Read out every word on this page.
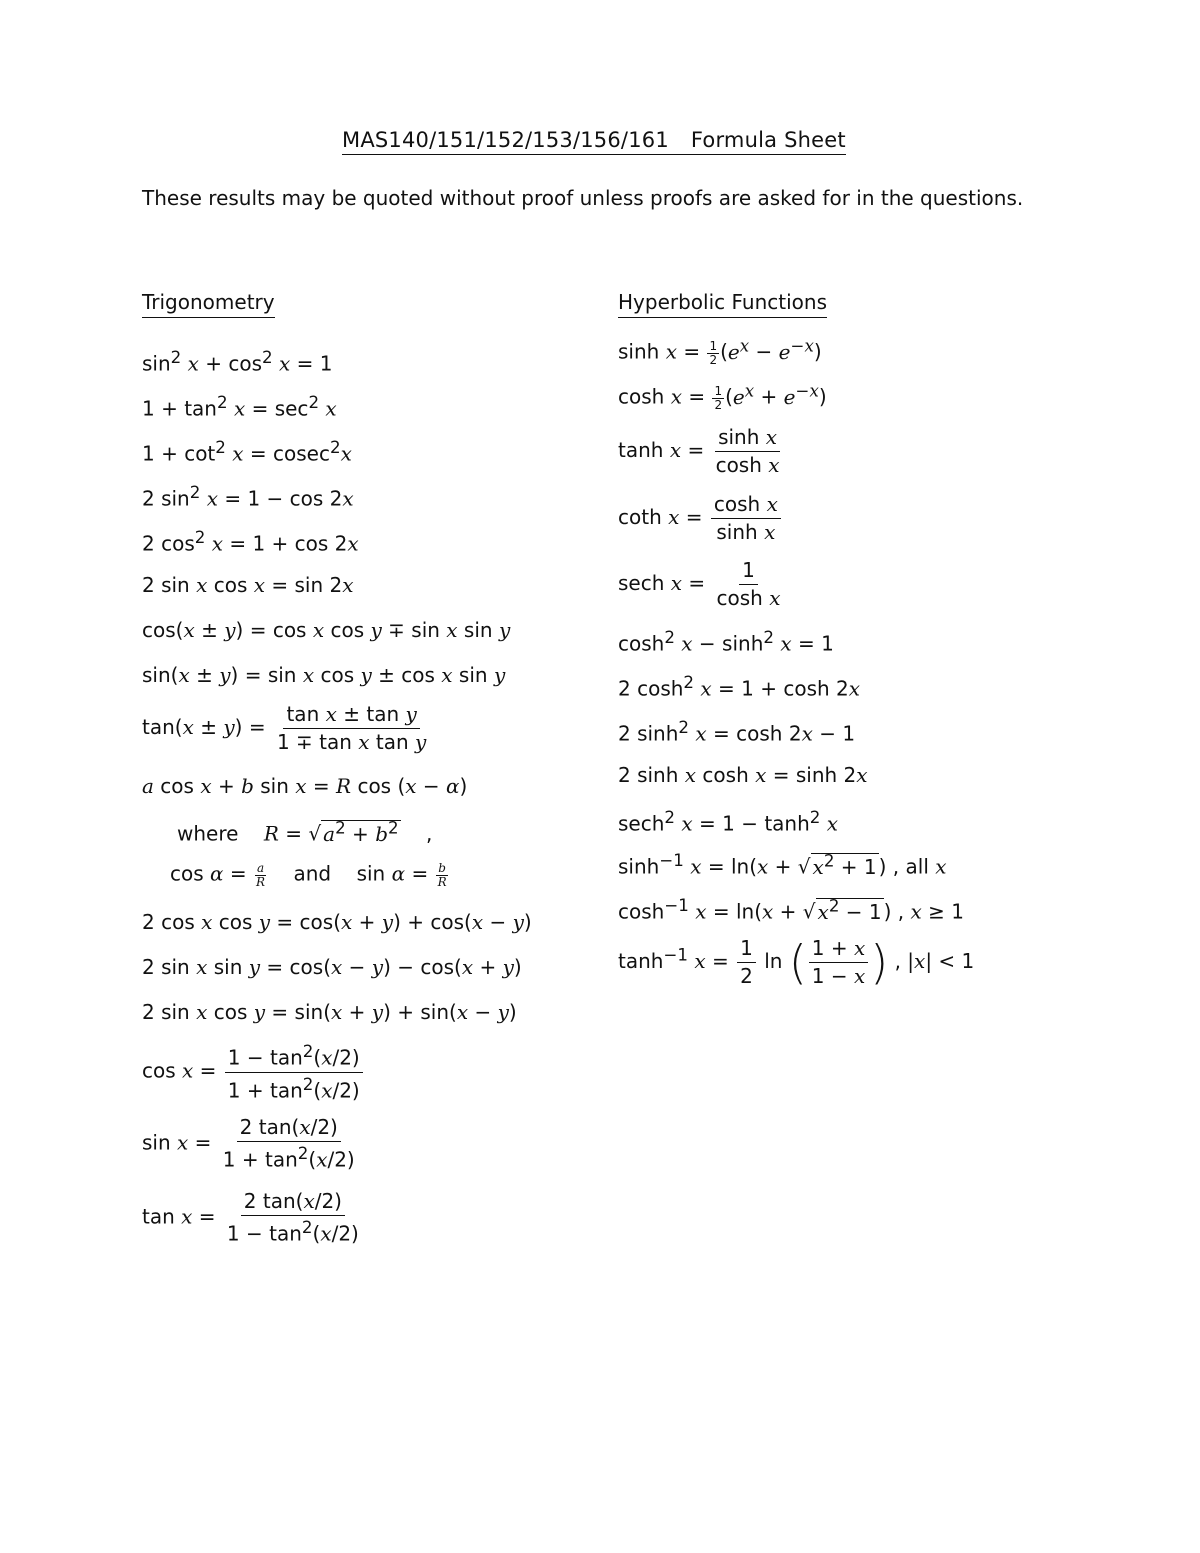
MAS140/151/152/153/156/161 Formula Sheet
These results may be quoted without proof unless proofs are asked for in the questions.
Trigonometry
$\sin^2 x + \cos^2 x = 1$
$1 + \tan^2 x = \sec^2 x$
$1 + \cot^2 x = cosec^2x$
2 $\sin^2 x = 1 - \cos 2x$
2 $\cos^2 x = 1 + \cos 2x$
2 sin x cos x = sin 2x
cos(x ± y) = cos x cos y ∓ sin x sin y
sin(x ± y) = sin x cos y ± cos x sin y
$\tan(x \pm y) = \frac{\text{tan x ± tan y}}{\text{1 ∓ tan x tan y}}$
a cos x + b sin x = R cos (x − α)
where R = √ $a^2 + b^2$ ,
$\cos \alpha = \frac{a}{R}$ and    $\sin \alpha = \frac{b}{R}$
2 cos x cos y = cos(x + y) + cos(x − y)
2 sin x sin y = cos(x − y) − cos(x + y)
2 sin x cos y = sin(x + y) + sin(x − y)
$\cos x = \frac{1 - \tan^2(x/2)}{1 + \tan^2(x/2)}$
$\sin x = \frac{2 \tan(x/2)}{1 + \tan^2(x/2)}$
$\tan x = \frac{2 \tan(x/2)}{1 - \tan^2(x/2)}$
Hyperbolic Functions
$\sinh x = \frac{1}{2} (e^x - e^{-x})$
$\cosh x = \frac{1}{2} (e^x + e^{-x})$
$\tanh x = \frac{\text{sinh x}}{\text{cosh x}}$
coth $x = \frac{\text{cosh x}}{\text{sinh x}}$
sech $x = \frac{1}{\text{cosh x}}$
$\cosh^2 x - \sinh^2 x = 1$
2 $\cosh^2 x = 1 + \cosh 2x$
2 $\sinh^2 x = \cosh 2x - 1$
2 sinh x cosh x = sinh 2x
sech$^2$ $x = 1 - \tanh^2 x$
$\sinh^{-1} x = \ln(x$ + √ $x^2 + 1$ ) , all x
$\cosh^{-1} x = \ln(x$ + √ $x^2 - 1$ ) , x ≥ 1
$\tanh^{-1} x = \frac{1}{2}$ ln ( $\frac{1 + x}{1 - x}$ ) , |x| < 1
